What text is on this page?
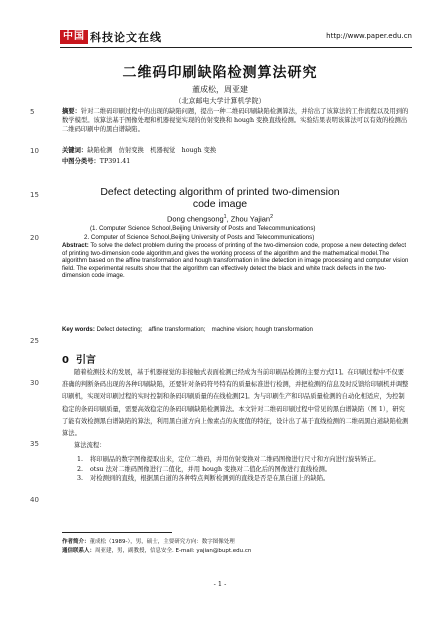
中国 科技论文在线	http://www.paper.edu.cn
二维码印刷缺陷检测算法研究
董成松，周亚建
（北京邮电大学计算机学院）
5	摘要：针对二维码印刷过程中的出现的缺陷问题，提出一种二维码印刷缺陷检测算法，并给出了该算法的工作流程以及用到的数学模型。该算法基于图像处理和机器视觉实现的仿射变换和 hough 变换直线检测。实验结果表明该算法可以有效的检测出二维码印刷中的黑白谱缺陷。
10	关键词：缺陷检测　仿射变换　机器视觉　hough 变换
中图分类号：TP391.41
15	Defect detecting algorithm of printed two-dimension code image
Dong chengsong$^1$, Zhou Yajian$^2$
(1. Computer Science School,Beijing University of Posts and Telecommunications)
20	2. Computer of Science School,Beijing University of Posts and Telecommunications)
Abstract: To solve the defect problem during the process of printing of the two-dimension code, propose a new detecting defect of printing two-dimension code algorithm,and gives the working process of the algorithm and the mathematical model.The algorithm based on the affine transformation and hough transformation in line detection in image processing and computer vision field. The experimental results show that the algorithm can effectively detect the black and white track defects in the two-dimension code image.
Key words: Defect detecting;　affine transformation;　machine vision; hough transformation
25
0 引言
30
随着检测技术的发展，基于机器视觉的非接触式表面检测已经成为当前印刷品检测的主要方式[1]。在印刷过程中不仅要准确的判断条码出现的各种印刷缺陷，还要针对条码符号特有的质量标准进行检测，并把检测的信息及时反馈给印刷机并调整印刷机，实现对印刷过程的实时控制和条码印刷质量的在线检测[2]。为与印刷生产和印品质量检测的自动化相适应，为控制稳定的条码印刷质量，需要高效稳定的条码印刷缺陷检测算法。本文针对二维码印刷过程中常见的黑白谱缺陷（图 1），研究了能有效检测黑白谱缺陷的算法，利用黑白道方向上像素点的灰度值的特征，设计出了基于直线检测的二维码黑白道缺陷检测算法。
35	算法流程：
1.	将印刷品的数字图像提取出来，定位二维码，并用仿射变换对二维码图像进行尺寸和方向进行旋转矫正。
2.	otsu 法对二维码图像进行二值化，并用 hough 变换对二值化后的图像进行直线检测。
3.	对检测到的直线，根据黑白道的各种特点判断检测到的直线是否是在黑白道上的缺陷。
40
作者简介：董成松（1989-），男，硕士，主要研究方向：数字图像处理
通信联系人：周亚建，男，副教授，信息安全. E-mail: yajian@bupt.edu.cn
- 1 -
